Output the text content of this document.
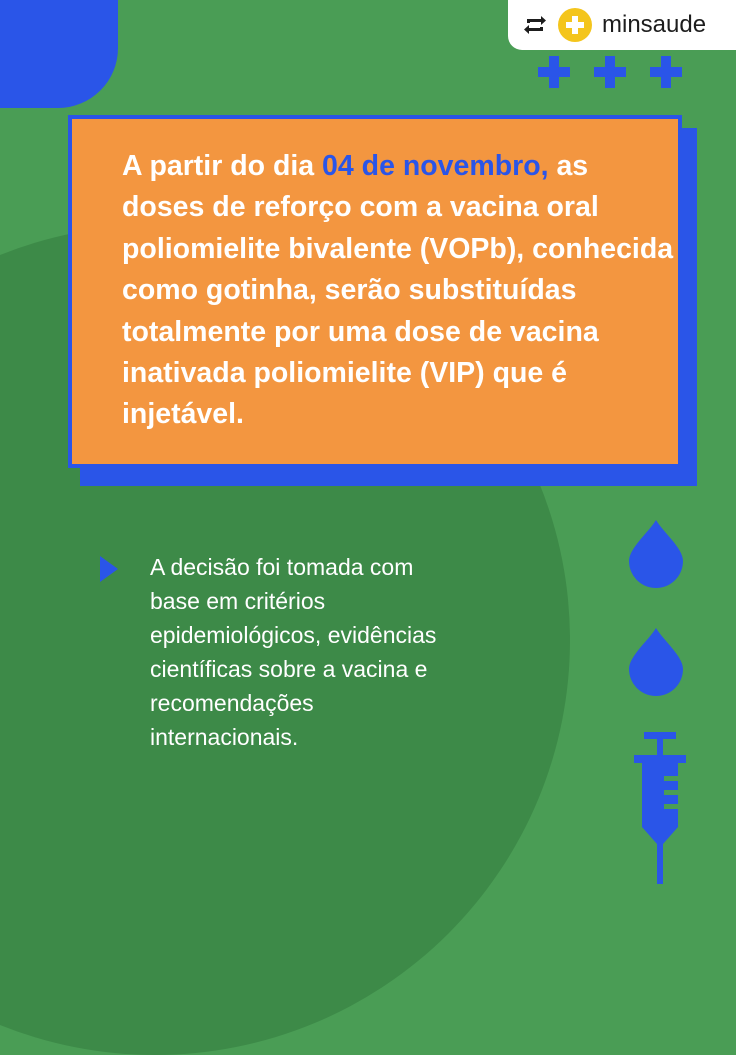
minsaude

A partir do dia 04 de novembro, as doses de reforço com a vacina oral poliomielite bivalente (VOPb), conhecida como gotinha, serão substituídas totalmente por uma dose de vacina inativada poliomielite (VIP) que é injetável.

A decisão foi tomada com base em critérios epidemiológicos, evidências científicas sobre a vacina e recomendações internacionais.
